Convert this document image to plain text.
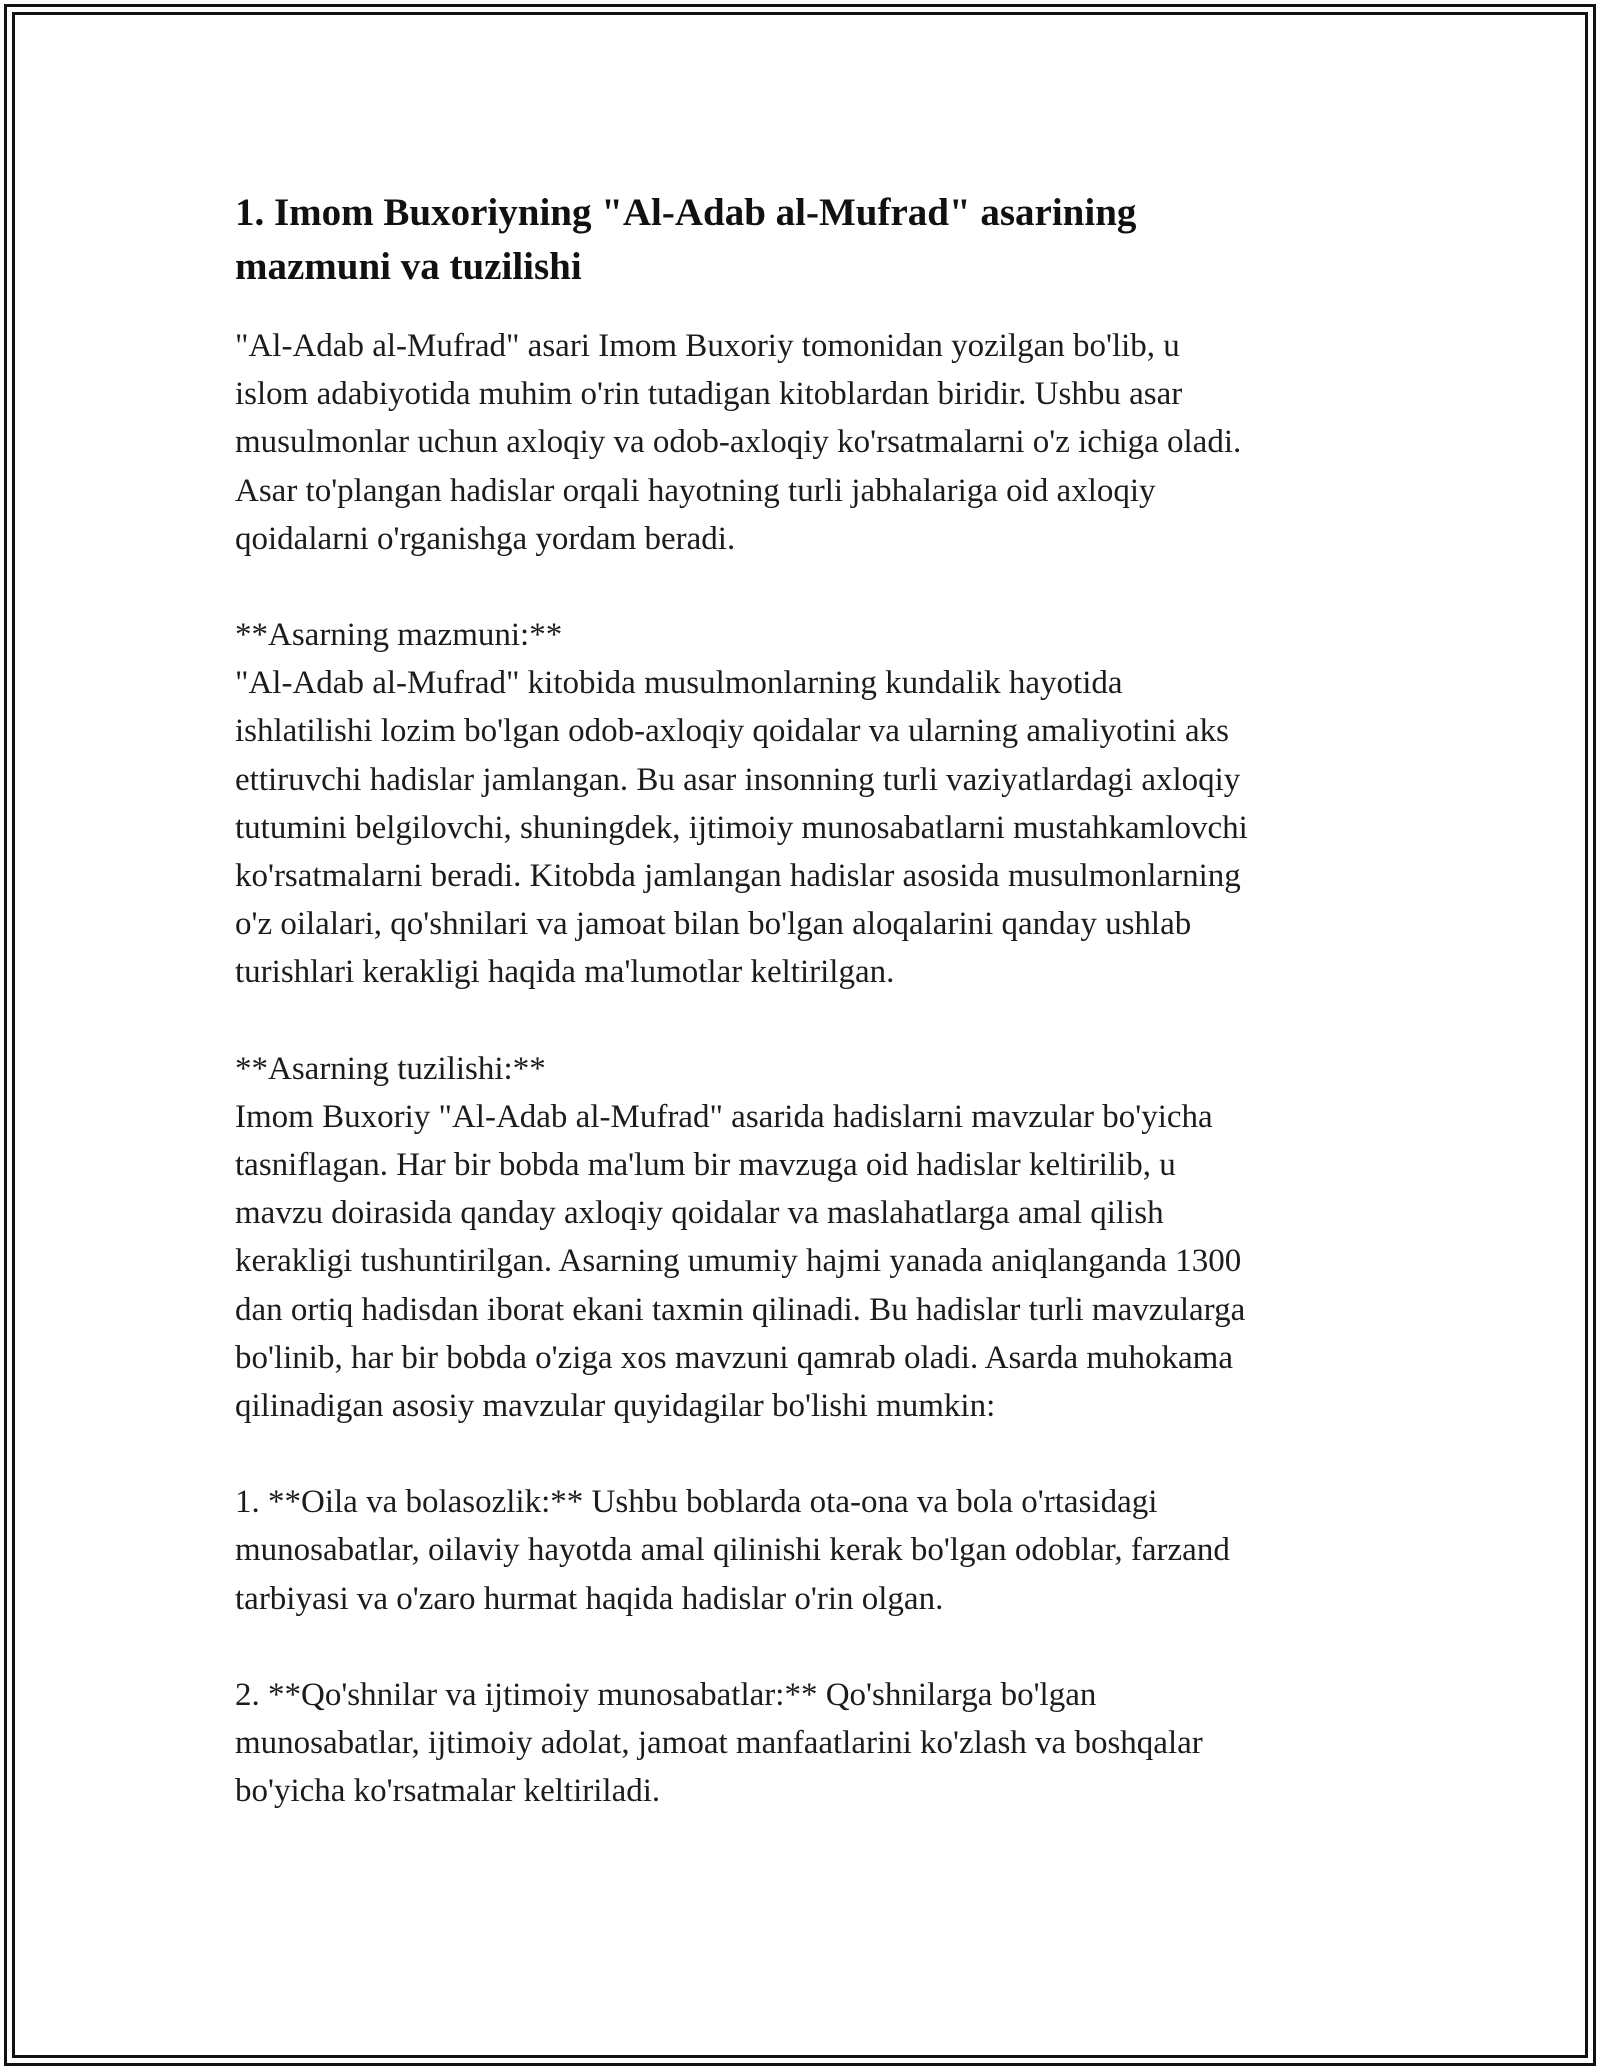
1. Imom Buxoriyning "Al-Adab al-Mufrad" asarining
mazmuni va tuzilishi

"Al-Adab al-Mufrad" asari Imom Buxoriy tomonidan yozilgan bo'lib, u
islom adabiyotida muhim o'rin tutadigan kitoblardan biridir. Ushbu asar
musulmonlar uchun axloqiy va odob-axloqiy ko'rsatmalarni o'z ichiga oladi.
Asar to'plangan hadislar orqali hayotning turli jabhalariga oid axloqiy
qoidalarni o'rganishga yordam beradi.

**Asarning mazmuni:**
"Al-Adab al-Mufrad" kitobida musulmonlarning kundalik hayotida
ishlatilishi lozim bo'lgan odob-axloqiy qoidalar va ularning amaliyotini aks
ettiruvchi hadislar jamlangan. Bu asar insonning turli vaziyatlardagi axloqiy
tutumini belgilovchi, shuningdek, ijtimoiy munosabatlarni mustahkamlovchi
ko'rsatmalarni beradi. Kitobda jamlangan hadislar asosida musulmonlarning
o'z oilalari, qo'shnilari va jamoat bilan bo'lgan aloqalarini qanday ushlab
turishlari kerakligi haqida ma'lumotlar keltirilgan.

**Asarning tuzilishi:**
Imom Buxoriy "Al-Adab al-Mufrad" asarida hadislarni mavzular bo'yicha
tasniflagan. Har bir bobda ma'lum bir mavzuga oid hadislar keltirilib, u
mavzu doirasida qanday axloqiy qoidalar va maslahatlarga amal qilish
kerakligi tushuntirilgan. Asarning umumiy hajmi yanada aniqlanganda 1300
dan ortiq hadisdan iborat ekani taxmin qilinadi. Bu hadislar turli mavzularga
bo'linib, har bir bobda o'ziga xos mavzuni qamrab oladi. Asarda muhokama
qilinadigan asosiy mavzular quyidagilar bo'lishi mumkin:

1. **Oila va bolasozlik:** Ushbu boblarda ota-ona va bola o'rtasidagi
munosabatlar, oilaviy hayotda amal qilinishi kerak bo'lgan odoblar, farzand
tarbiyasi va o'zaro hurmat haqida hadislar o'rin olgan.

2. **Qo'shnilar va ijtimoiy munosabatlar:** Qo'shnilarga bo'lgan
munosabatlar, ijtimoiy adolat, jamoat manfaatlarini ko'zlash va boshqalar
bo'yicha ko'rsatmalar keltiriladi.
